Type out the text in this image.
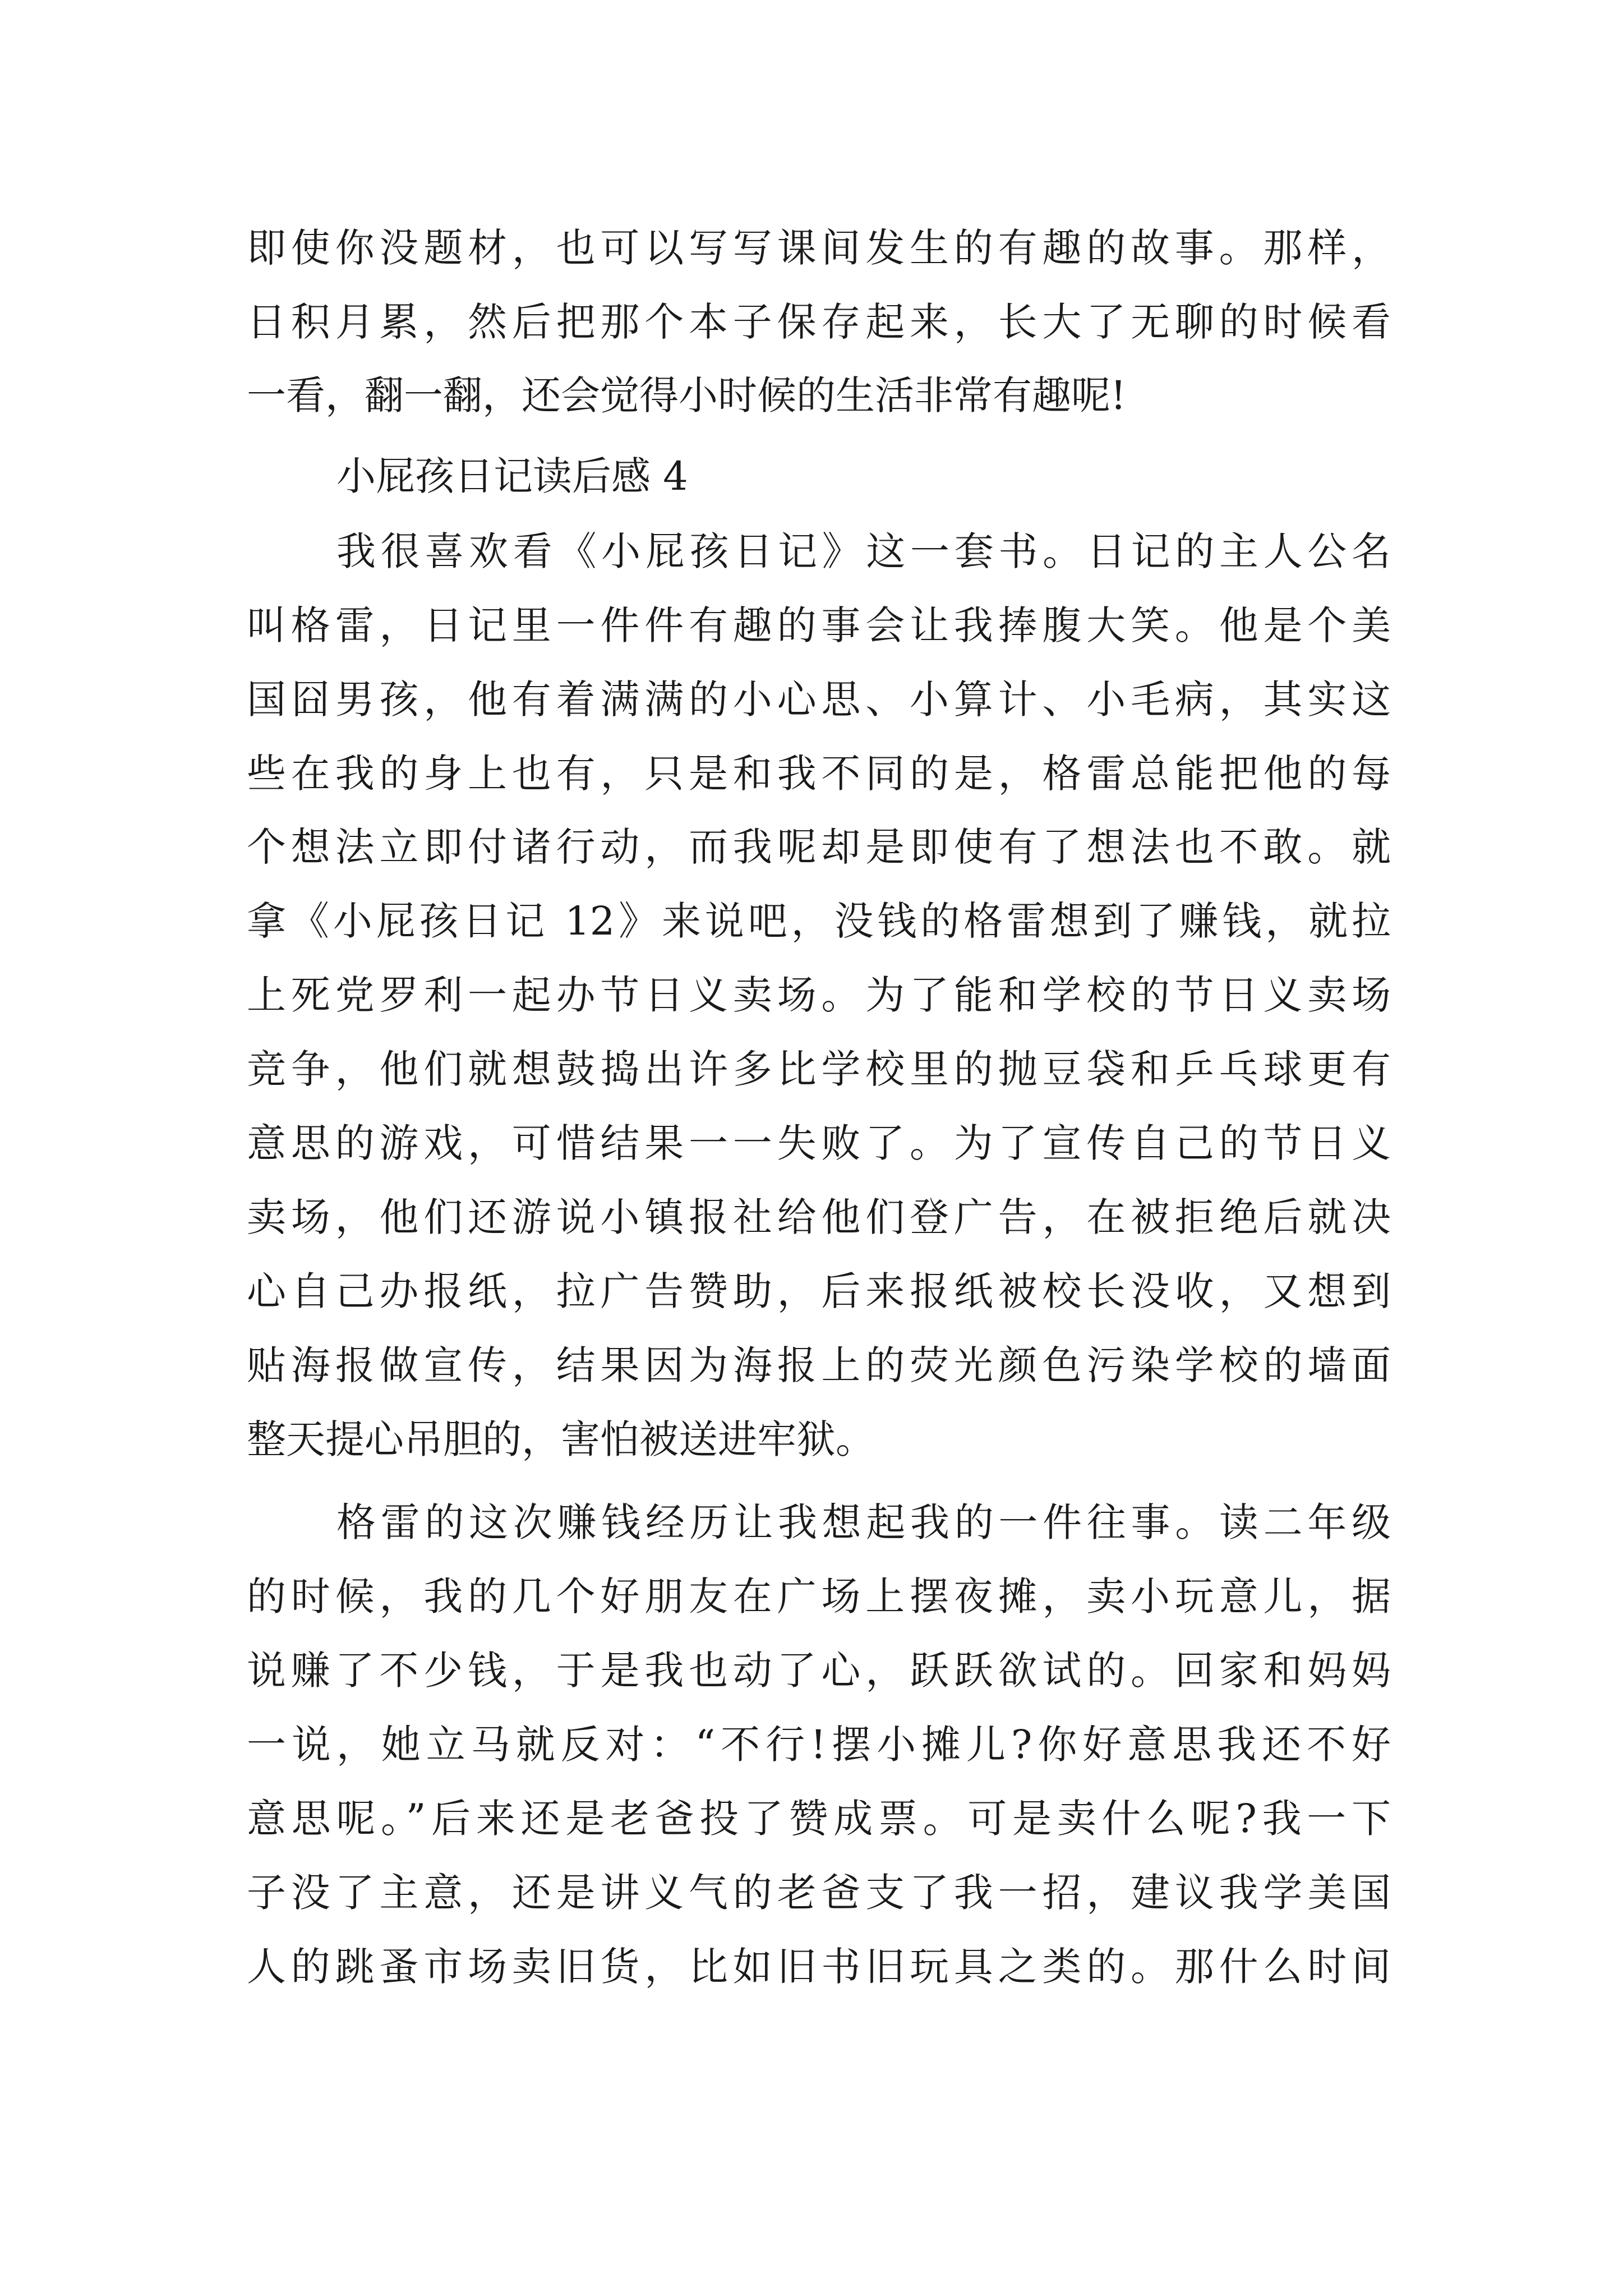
即使你没题材，也可以写写课间发生的有趣的故事。那样，
日积月累，然后把那个本子保存起来，长大了无聊的时候看
一看，翻一翻，还会觉得小时候的生活非常有趣呢!
小屁孩日记读后感 4
我很喜欢看《小屁孩日记》这一套书。日记的主人公名
叫格雷，日记里一件件有趣的事会让我捧腹大笑。他是个美
国囧男孩，他有着满满的小心思、小算计、小毛病，其实这
些在我的身上也有，只是和我不同的是，格雷总能把他的每
个想法立即付诸行动，而我呢却是即使有了想法也不敢。就
拿《小屁孩日记 12》来说吧，没钱的格雷想到了赚钱，就拉
上死党罗利一起办节日义卖场。为了能和学校的节日义卖场
竞争，他们就想鼓捣出许多比学校里的抛豆袋和乒乓球更有
意思的游戏，可惜结果一一失败了。为了宣传自己的节日义
卖场，他们还游说小镇报社给他们登广告，在被拒绝后就决
心自己办报纸，拉广告赞助，后来报纸被校长没收，又想到
贴海报做宣传，结果因为海报上的荧光颜色污染学校的墙面
整天提心吊胆的，害怕被送进牢狱。
格雷的这次赚钱经历让我想起我的一件往事。读二年级
的时候，我的几个好朋友在广场上摆夜摊，卖小玩意儿，据
说赚了不少钱，于是我也动了心，跃跃欲试的。回家和妈妈
一说，她立马就反对：“不行!摆小摊儿?你好意思我还不好
意思呢。”后来还是老爸投了赞成票。可是卖什么呢?我一下
子没了主意，还是讲义气的老爸支了我一招，建议我学美国
人的跳蚤市场卖旧货，比如旧书旧玩具之类的。那什么时间
